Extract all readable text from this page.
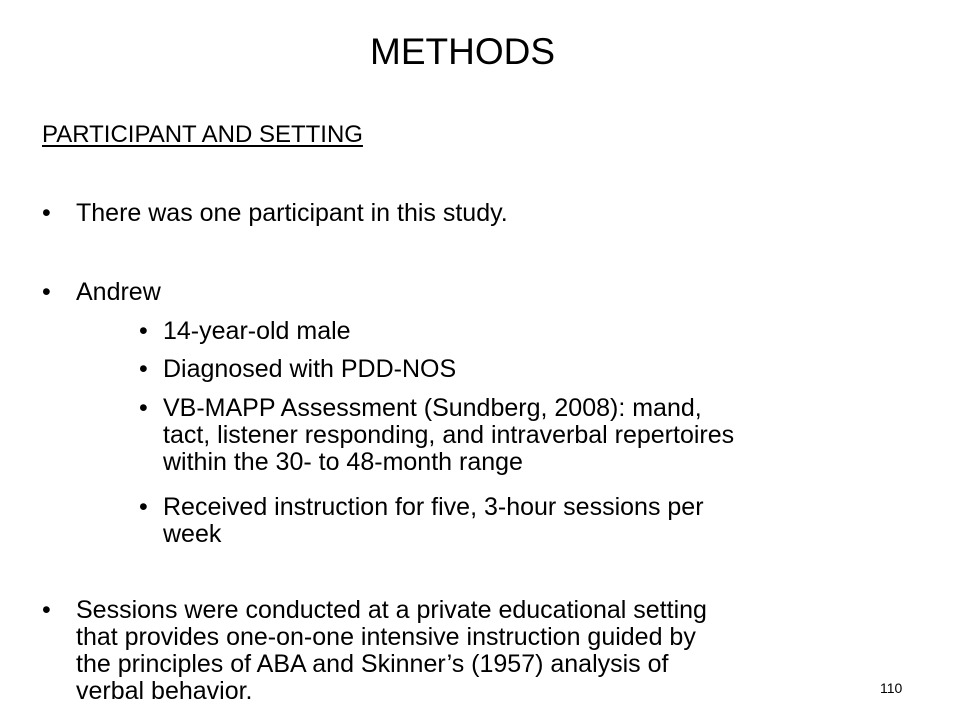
METHODS
PARTICIPANT AND SETTING
• There was one participant in this study.
• Andrew
• 14-year-old male
• Diagnosed with PDD-NOS
• VB-MAPP Assessment (Sundberg, 2008): mand,
tact, listener responding, and intraverbal repertoires
within the 30- to 48-month range
• Received instruction for five, 3-hour sessions per
week
• Sessions were conducted at a private educational setting
that provides one-on-one intensive instruction guided by
the principles of ABA and Skinner’s (1957) analysis of
verbal behavior.	110
